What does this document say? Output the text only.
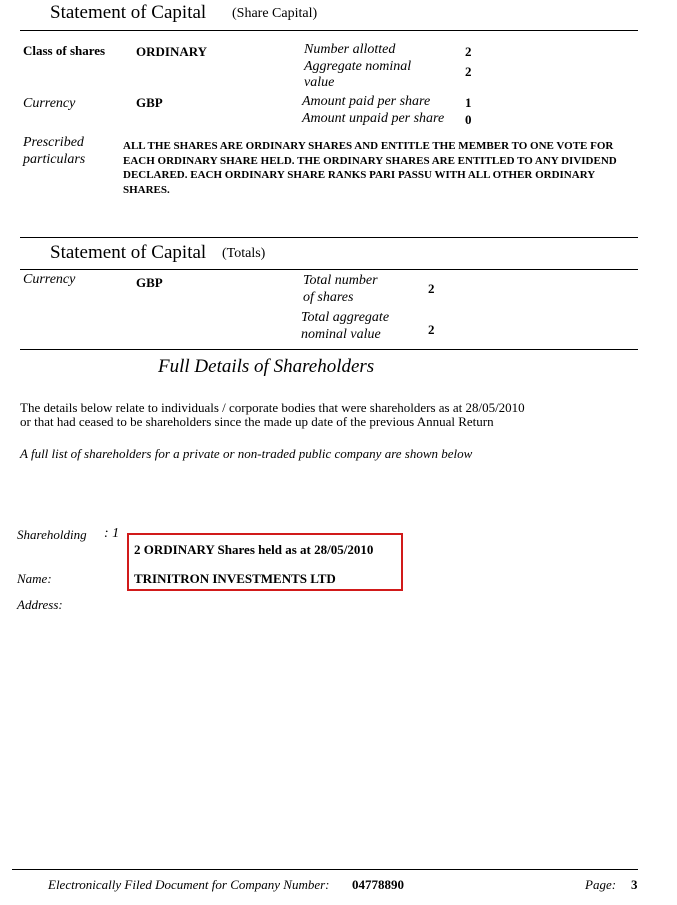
Statement of Capital (Share Capital)
Class of shares ORDINARY	Number allotted	2
Aggregate nominal	2
value
Currency	GBP	Amount paid per share	1
Amount unpaid per share 0
Prescribed
particulars
ALL THE SHARES ARE ORDINARY SHARES AND ENTITLE THE MEMBER TO ONE VOTE FOR EACH ORDINARY SHARE HELD. THE ORDINARY SHARES ARE ENTITLED TO ANY DIVIDEND DECLARED. EACH ORDINARY SHARE RANKS PARI PASSU WITH ALL OTHER ORDINARY SHARES.
Statement of Capital (Totals)
Currency	GBP	Total number
of shares
2
Total aggregate
nominal value	2
Full Details of Shareholders
The details below relate to individuals / corporate bodies that were shareholders as at 28/05/2010
or that had ceased to be shareholders since the made up date of the previous Annual Return
A full list of shareholders for a private or non-traded public company are shown below
Shareholding : 1
2 ORDINARY Shares held as at 28/05/2010
Name:	TRINITRON INVESTMENTS LTD
Address:
Electronically Filed Document for Company Number: 04778890	Page: 3
